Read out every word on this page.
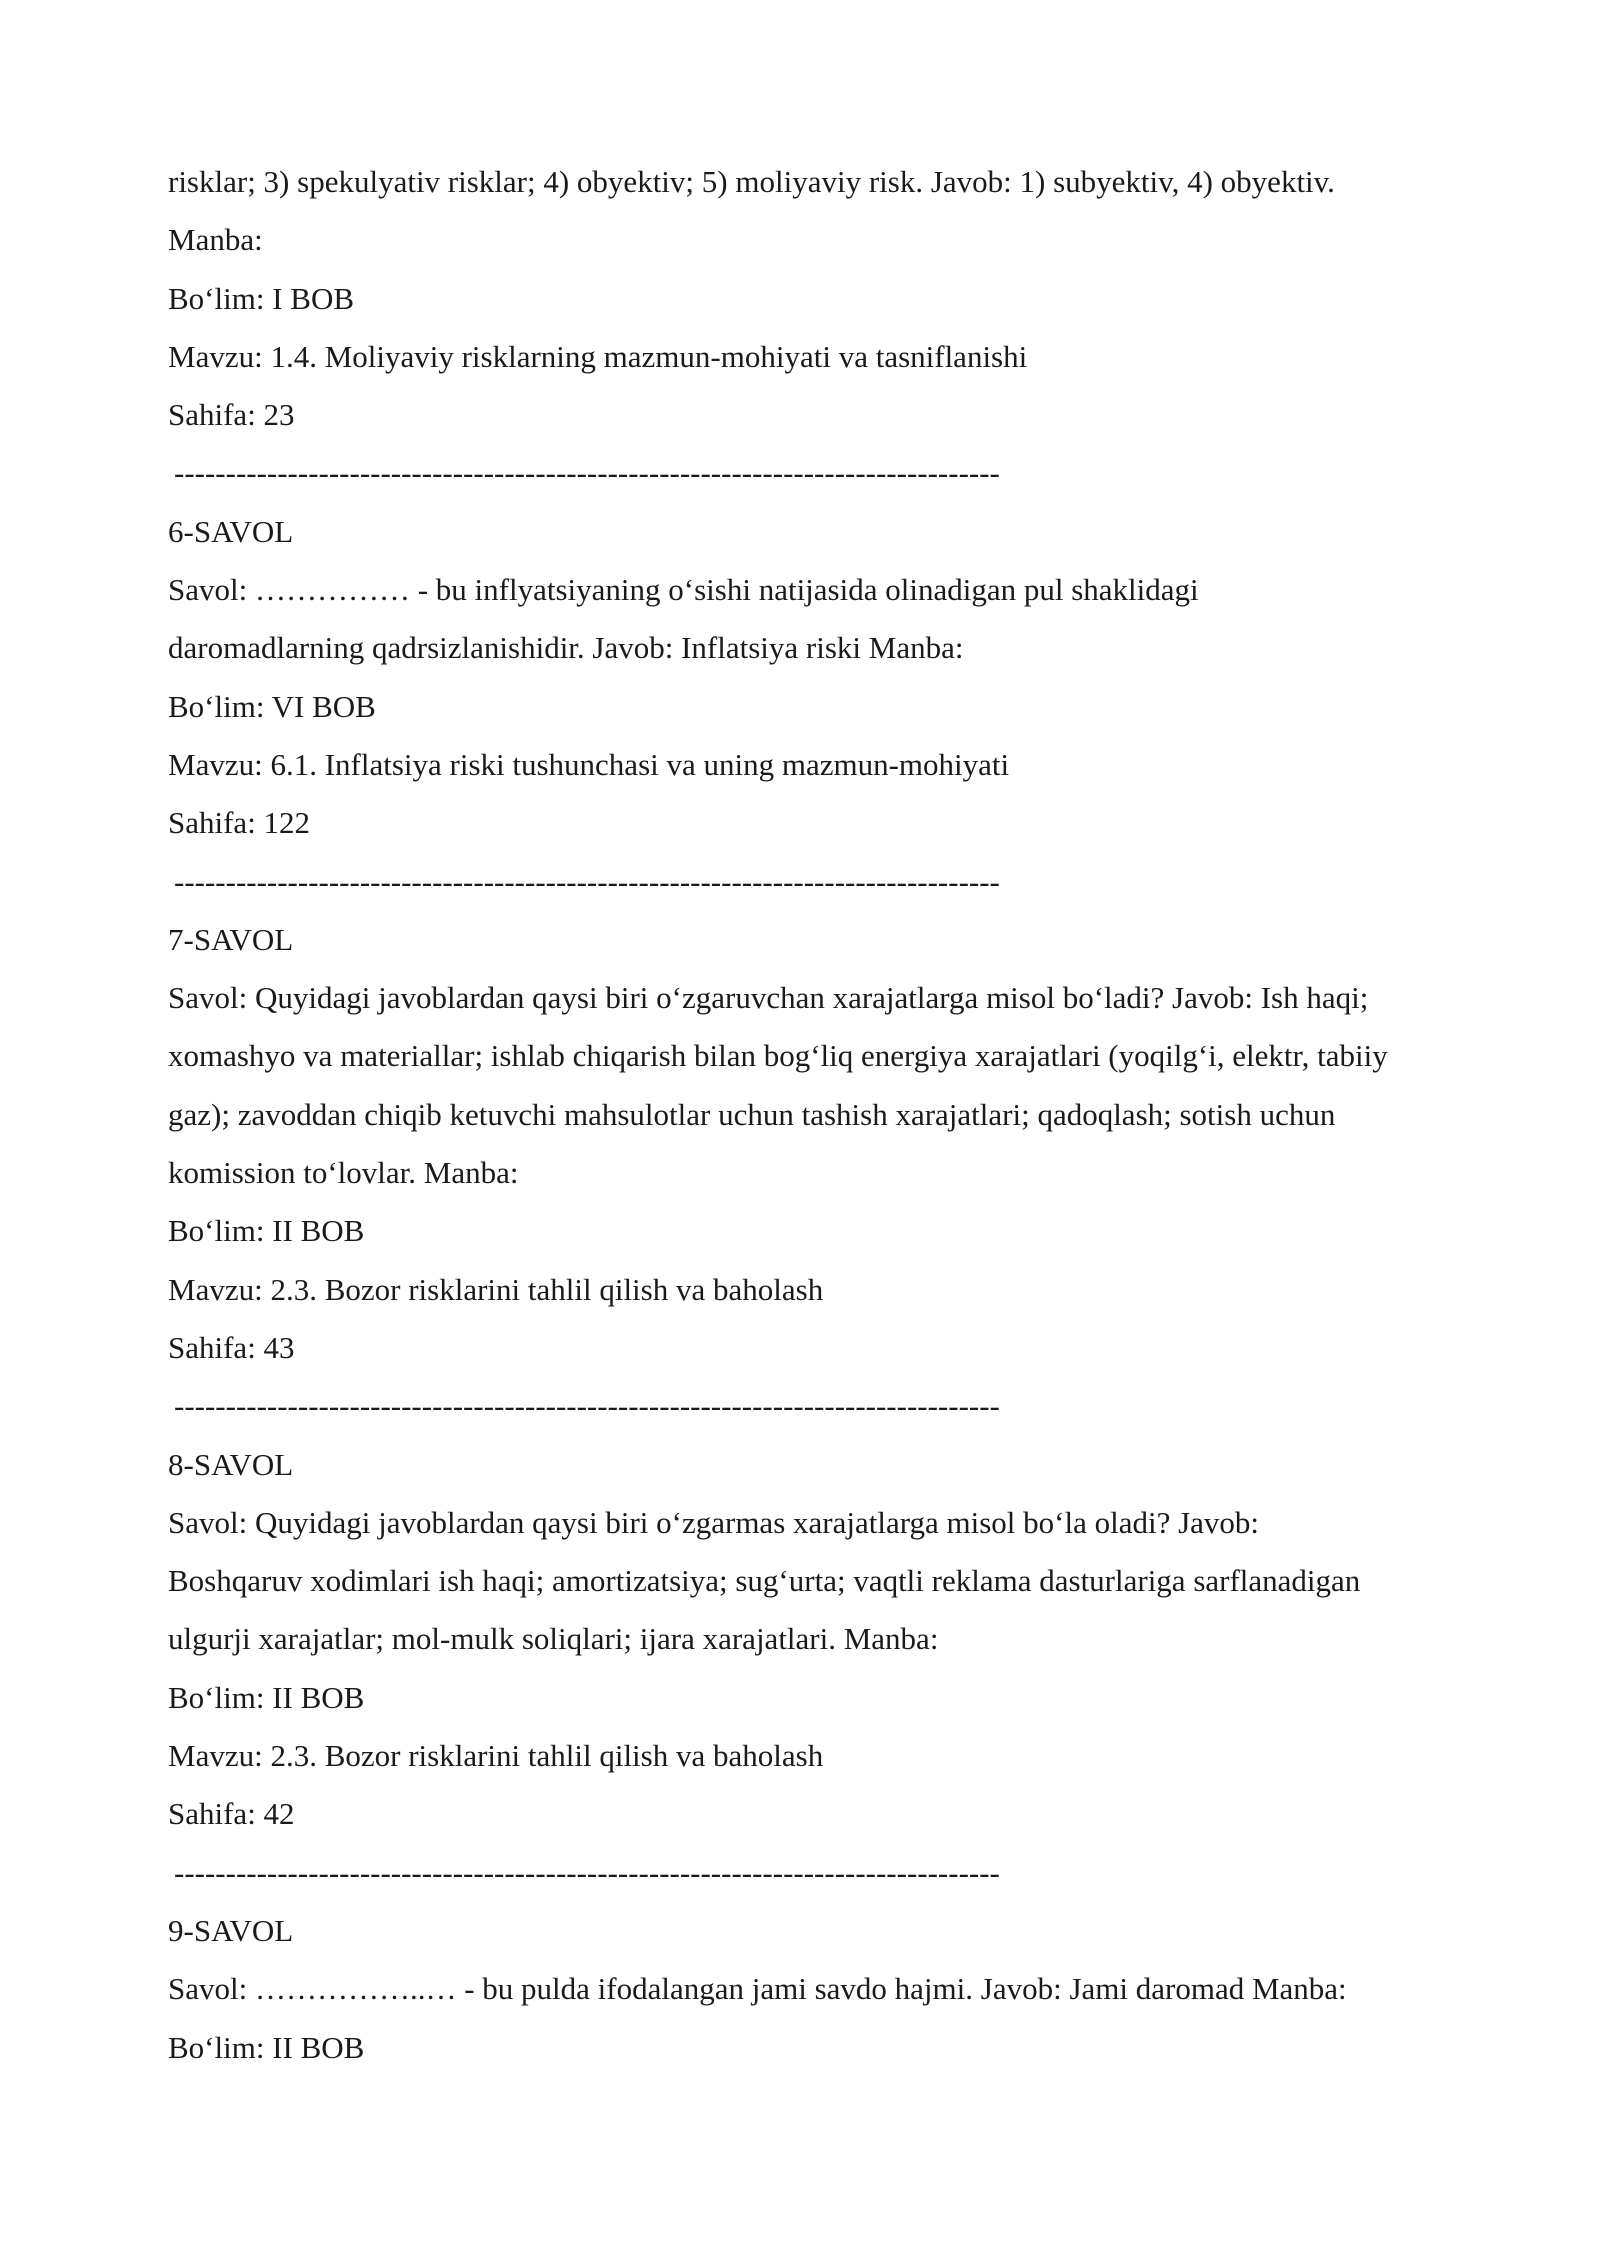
risklar; 3) spekulyativ risklar; 4) obyektiv; 5) moliyaviy risk. Javob: 1) subyektiv, 4) obyektiv.
Manba:
Bo‘lim: I BOB
Mavzu: 1.4. Moliyaviy risklarning mazmun-mohiyati va tasniflanishi
Sahifa: 23
--------------------------------------------------------------------------------
6-SAVOL
Savol: …………… - bu inflyatsiyaning o‘sishi natijasida olinadigan pul shaklidagi
daromadlarning qadrsizlanishidir. Javob: Inflatsiya riski Manba:
Bo‘lim: VI BOB
Mavzu: 6.1. Inflatsiya riski tushunchasi va uning mazmun-mohiyati
Sahifa: 122
--------------------------------------------------------------------------------
7-SAVOL
Savol: Quyidagi javoblardan qaysi biri o‘zgaruvchan xarajatlarga misol bo‘ladi? Javob: Ish haqi;
xomashyo va materiallar; ishlab chiqarish bilan bog‘liq energiya xarajatlari (yoqilg‘i, elektr, tabiiy
gaz); zavoddan chiqib ketuvchi mahsulotlar uchun tashish xarajatlari; qadoqlash; sotish uchun
komission to‘lovlar. Manba:
Bo‘lim: II BOB
Mavzu: 2.3. Bozor risklarini tahlil qilish va baholash
Sahifa: 43
--------------------------------------------------------------------------------
8-SAVOL
Savol: Quyidagi javoblardan qaysi biri o‘zgarmas xarajatlarga misol bo‘la oladi? Javob:
Boshqaruv xodimlari ish haqi; amortizatsiya; sug‘urta; vaqtli reklama dasturlariga sarflanadigan
ulgurji xarajatlar; mol-mulk soliqlari; ijara xarajatlari. Manba:
Bo‘lim: II BOB
Mavzu: 2.3. Bozor risklarini tahlil qilish va baholash
Sahifa: 42
--------------------------------------------------------------------------------
9-SAVOL
Savol: ……………..… - bu pulda ifodalangan jami savdo hajmi. Javob: Jami daromad Manba:
Bo‘lim: II BOB
